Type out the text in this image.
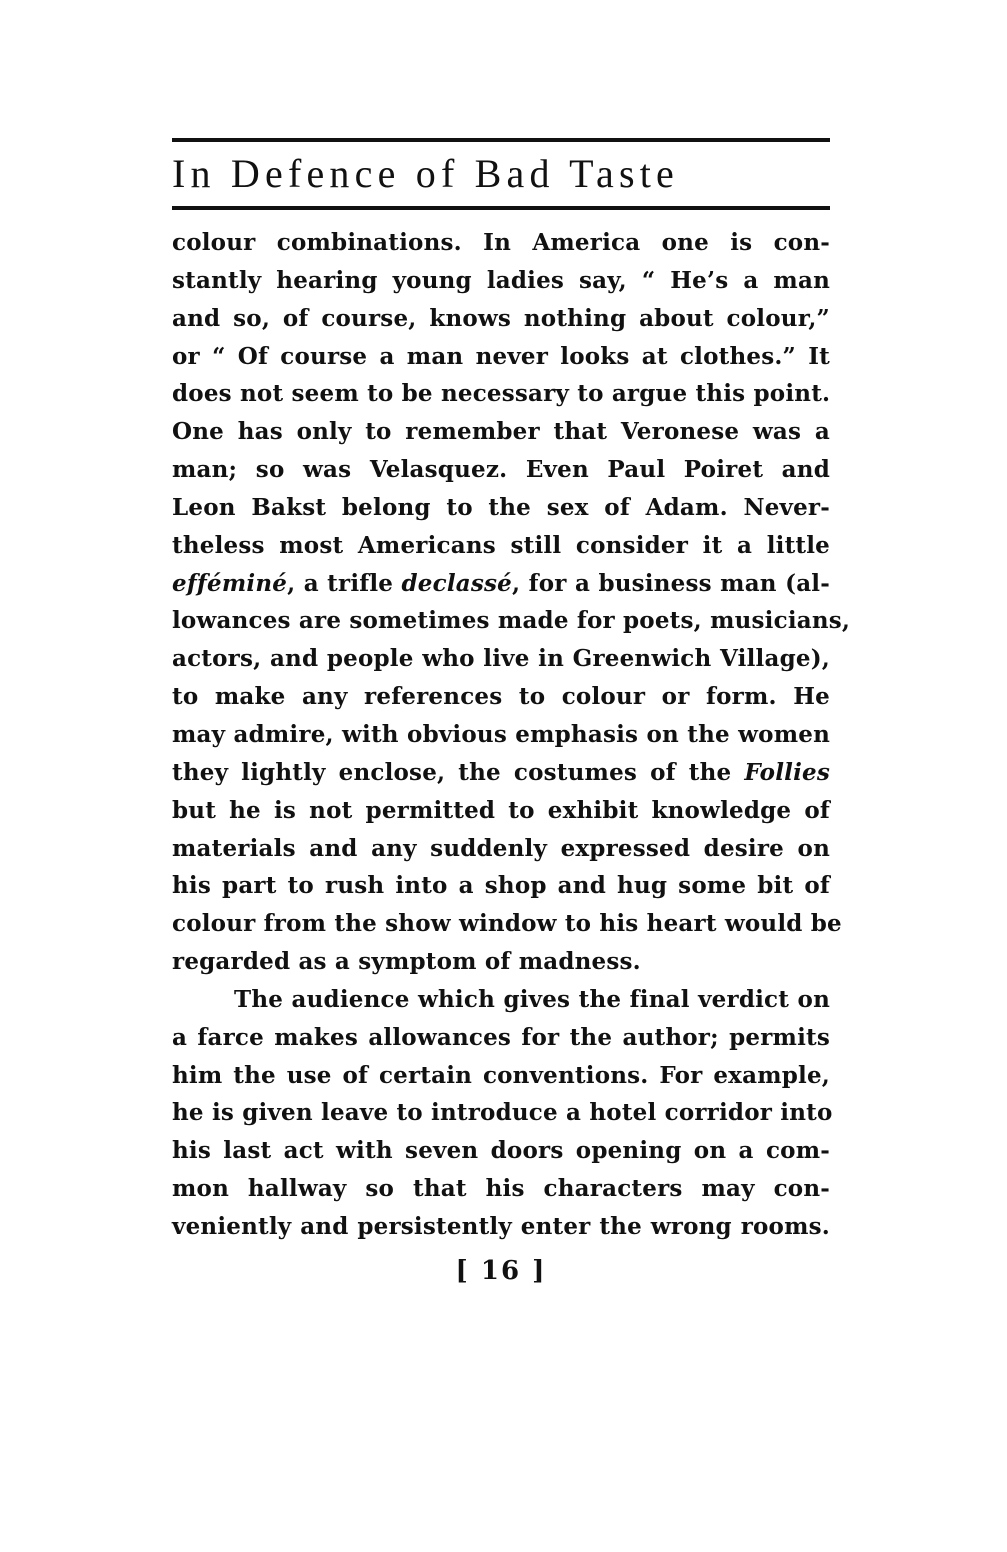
In Defence of Bad Taste
colour combinations. In America one is con-
stantly hearing young ladies say, “ He’s a man
and so, of course, knows nothing about colour,”
or “ Of course a man never looks at clothes.” It
does not seem to be necessary to argue this point.
One has only to remember that Veronese was a
man; so was Velasquez. Even Paul Poiret and
Leon Bakst belong to the sex of Adam. Never-
theless most Americans still consider it a little
efféminé, a trifle declassé, for a business man (al-
lowances are sometimes made for poets, musicians,
actors, and people who live in Greenwich Village),
to make any references to colour or form. He
may admire, with obvious emphasis on the women
they lightly enclose, the costumes of the Follies
but he is not permitted to exhibit knowledge of
materials and any suddenly expressed desire on
his part to rush into a shop and hug some bit of
colour from the show window to his heart would be
regarded as a symptom of madness.
The audience which gives the final verdict on
a farce makes allowances for the author; permits
him the use of certain conventions. For example,
he is given leave to introduce a hotel corridor into
his last act with seven doors opening on a com-
mon hallway so that his characters may con-
veniently and persistently enter the wrong rooms.
[ 16 ]
